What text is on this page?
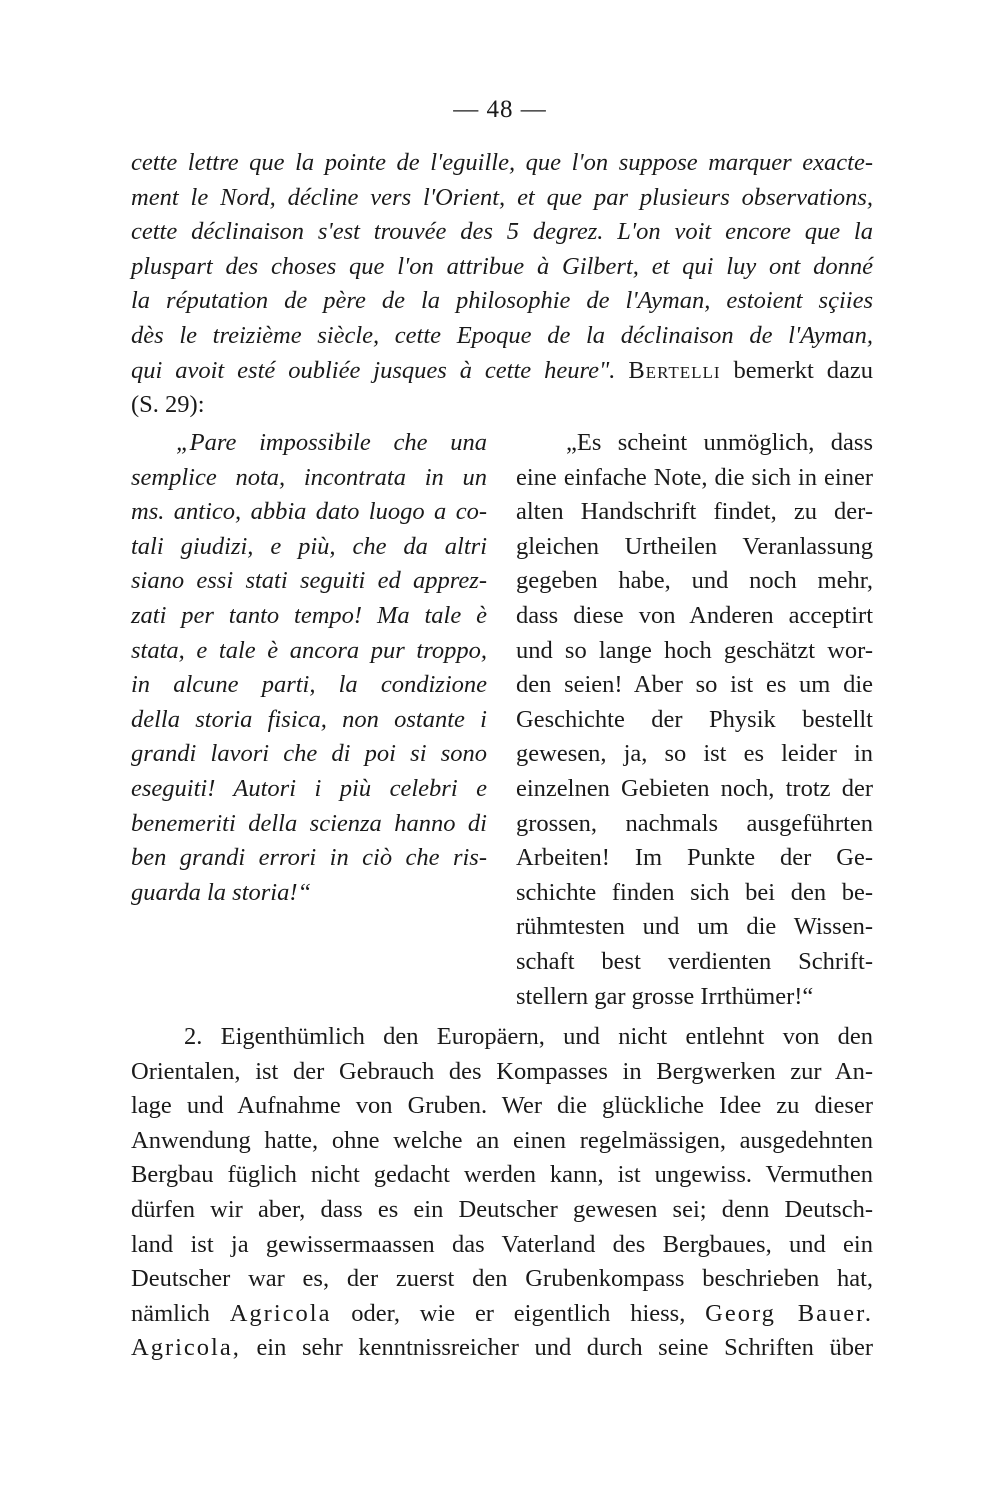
— 48 —
cette lettre que la pointe de l'eguille, que l'on suppose marquer exacte-
ment le Nord, décline vers l'Orient, et que par plusieurs observations,
cette déclinaison s'est trouvée des 5 degrez. L'on voit encore que la
pluspart des choses que l'on attribue à Gilbert, et qui luy ont donné
la réputation de père de la philosophie de l'Ayman, estoient sçiies
dès le treizième siècle, cette Epoque de la déclinaison de l'Ayman,
qui avoit esté oubliée jusques à cette heure". Bertelli bemerkt dazu
(S. 29):
„Pare impossibile che una
semplice nota, incontrata in un
ms. antico, abbia dato luogo a co-
tali giudizi, e più, che da altri
siano essi stati seguiti ed apprez-
zati per tanto tempo! Ma tale è
stata, e tale è ancora pur troppo,
in alcune parti, la condizione
della storia fisica, non ostante i
grandi lavori che di poi si sono
eseguiti! Autori i più celebri e
benemeriti della scienza hanno di
ben grandi errori in ciò che ris-
guarda la storia!“
„Es scheint unmöglich, dass
eine einfache Note, die sich in einer
alten Handschrift findet, zu der-
gleichen Urtheilen Veranlassung
gegeben habe, und noch mehr,
dass diese von Anderen acceptirt
und so lange hoch geschätzt wor-
den seien! Aber so ist es um die
Geschichte der Physik bestellt
gewesen, ja, so ist es leider in
einzelnen Gebieten noch, trotz der
grossen, nachmals ausgeführten
Arbeiten! Im Punkte der Ge-
schichte finden sich bei den be-
rühmtesten und um die Wissen-
schaft best verdienten Schrift-
stellern gar grosse Irrthümer!“
2. Eigenthümlich den Europäern, und nicht entlehnt von den
Orientalen, ist der Gebrauch des Kompasses in Bergwerken zur An-
lage und Aufnahme von Gruben. Wer die glückliche Idee zu dieser
Anwendung hatte, ohne welche an einen regelmässigen, ausgedehnten
Bergbau füglich nicht gedacht werden kann, ist ungewiss. Vermuthen
dürfen wir aber, dass es ein Deutscher gewesen sei; denn Deutsch-
land ist ja gewissermaassen das Vaterland des Bergbaues, und ein
Deutscher war es, der zuerst den Grubenkompass beschrieben hat,
nämlich Agricola oder, wie er eigentlich hiess, Georg Bauer.
Agricola, ein sehr kenntnissreicher und durch seine Schriften über
